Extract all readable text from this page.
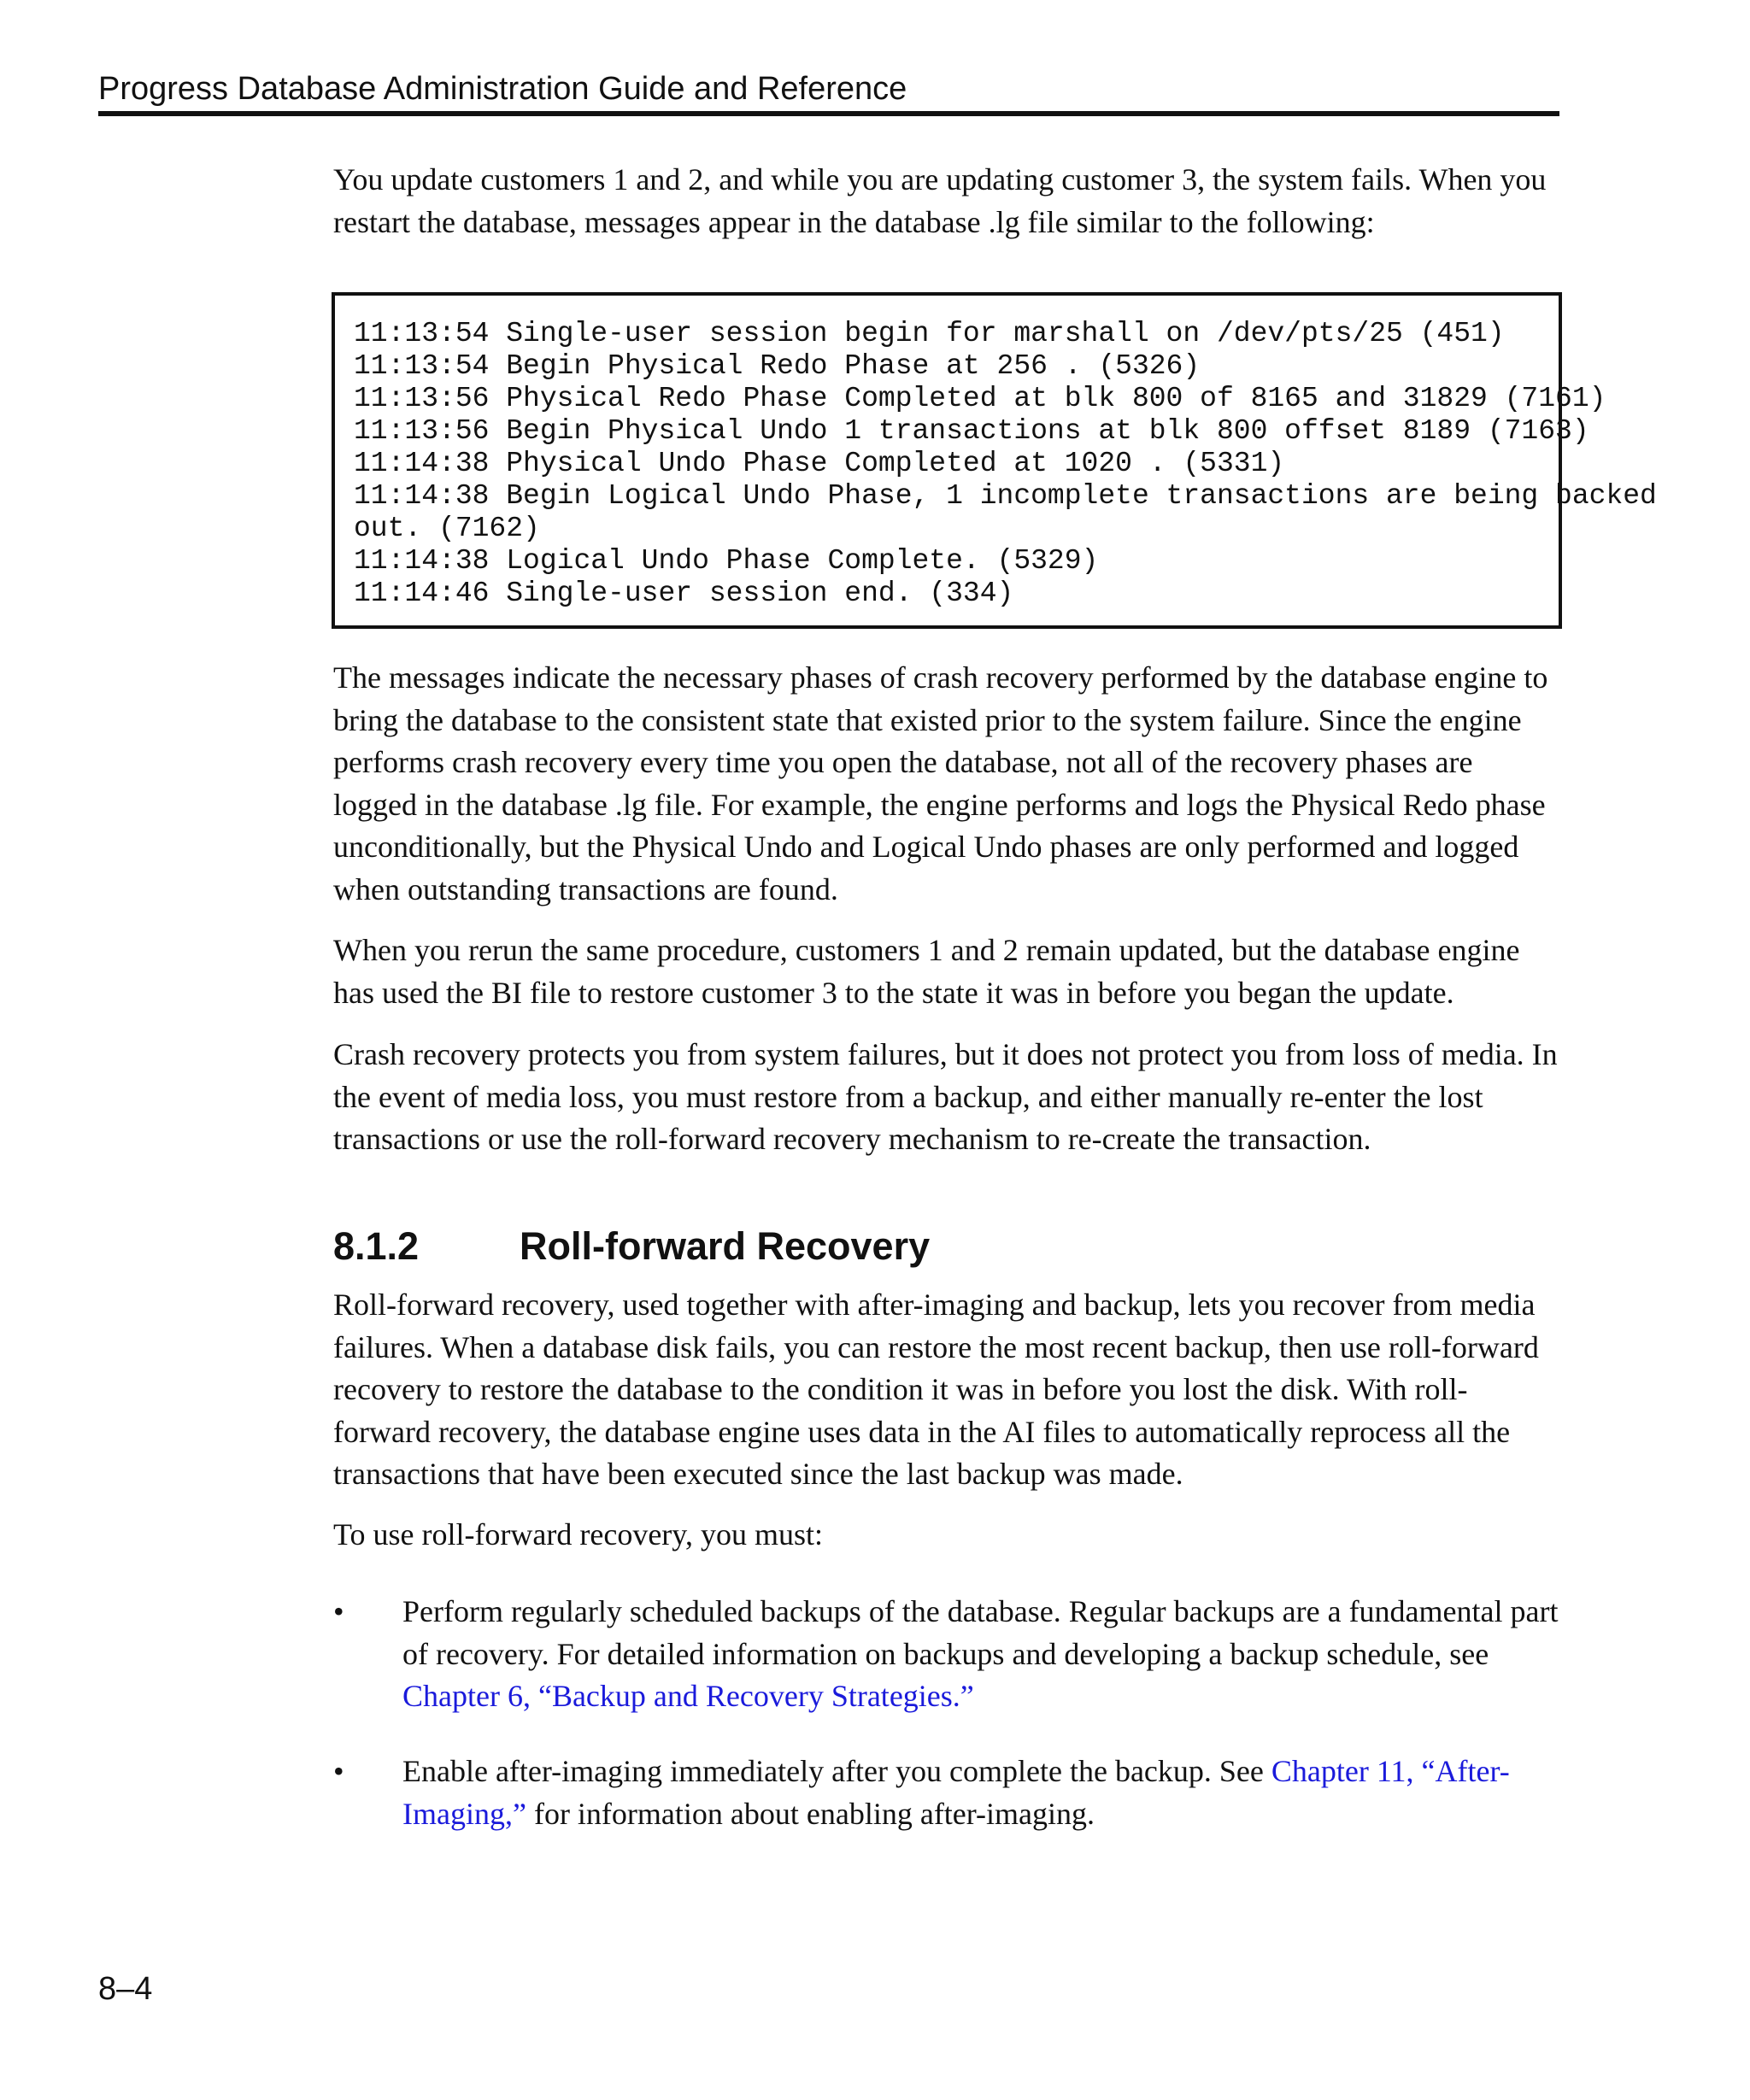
Progress Database Administration Guide and Reference

You update customers 1 and 2, and while you are updating customer 3, the system fails. When you restart the database, messages appear in the database .lg file similar to the following:

11:13:54 Single-user session begin for marshall on /dev/pts/25 (451)
11:13:54 Begin Physical Redo Phase at 256 . (5326)
11:13:56 Physical Redo Phase Completed at blk 800 of 8165 and 31829 (7161)
11:13:56 Begin Physical Undo 1 transactions at blk 800 offset 8189 (7163)
11:14:38 Physical Undo Phase Completed at 1020 . (5331)
11:14:38 Begin Logical Undo Phase, 1 incomplete transactions are being backed
out. (7162)
11:14:38 Logical Undo Phase Complete. (5329)
11:14:46 Single-user session end. (334)

The messages indicate the necessary phases of crash recovery performed by the database engine to bring the database to the consistent state that existed prior to the system failure. Since the engine performs crash recovery every time you open the database, not all of the recovery phases are logged in the database .lg file. For example, the engine performs and logs the Physical Redo phase unconditionally, but the Physical Undo and Logical Undo phases are only performed and logged when outstanding transactions are found.

When you rerun the same procedure, customers 1 and 2 remain updated, but the database engine has used the BI file to restore customer 3 to the state it was in before you began the update.

Crash recovery protects you from system failures, but it does not protect you from loss of media. In the event of media loss, you must restore from a backup, and either manually re-enter the lost transactions or use the roll-forward recovery mechanism to re-create the transaction.

8.1.2	Roll-forward Recovery

Roll-forward recovery, used together with after-imaging and backup, lets you recover from media failures. When a database disk fails, you can restore the most recent backup, then use roll-forward recovery to restore the database to the condition it was in before you lost the disk. With roll-forward recovery, the database engine uses data in the AI files to automatically reprocess all the transactions that have been executed since the last backup was made.

To use roll-forward recovery, you must:

• Perform regularly scheduled backups of the database. Regular backups are a fundamental part of recovery. For detailed information on backups and developing a backup schedule, see Chapter 6, “Backup and Recovery Strategies.”

• Enable after-imaging immediately after you complete the backup. See Chapter 11, “After-Imaging,” for information about enabling after-imaging.

8–4
